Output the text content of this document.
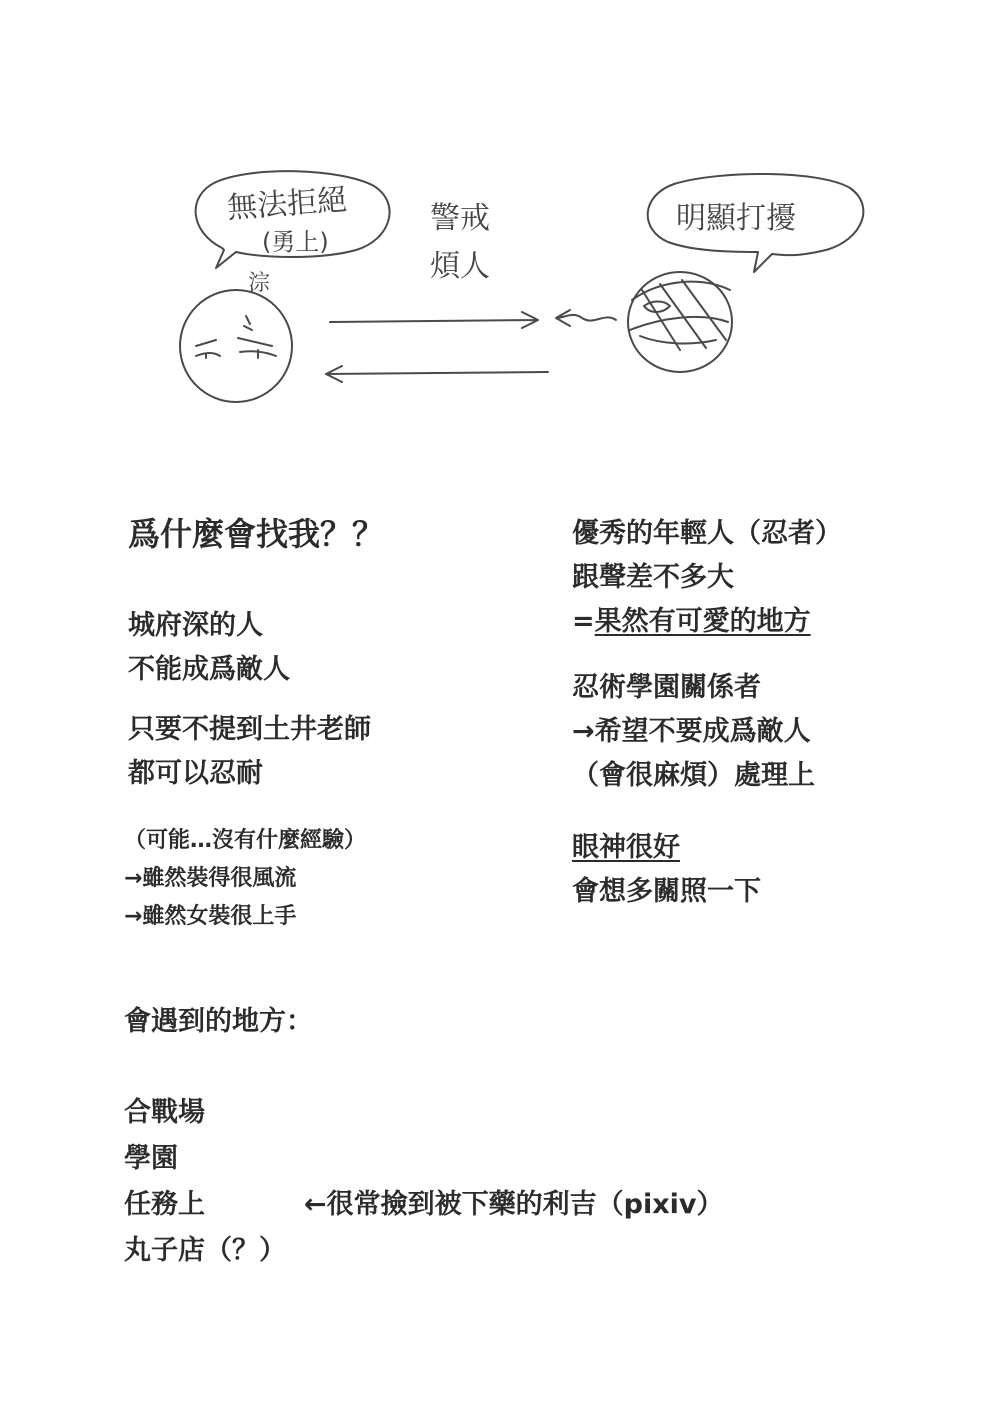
無法拒絕
(勇上)
淙
警戒
煩人
明顯打擾
爲什麼會找我？？
城府深的人
不能成爲敵人
只要不提到土井老師
都可以忍耐
（可能…沒有什麼經驗）
→雖然裝得很風流
→雖然女裝很上手
優秀的年輕人（忍者）
跟聲差不多大
=果然有可愛的地方
忍術學園關係者
→希望不要成爲敵人
（會很麻煩）處理上
眼神很好
會想多關照一下
會遇到的地方：
合戰場
學園
任務上
丸子店（？）
←很常撿到被下藥的利吉（pixiv）
